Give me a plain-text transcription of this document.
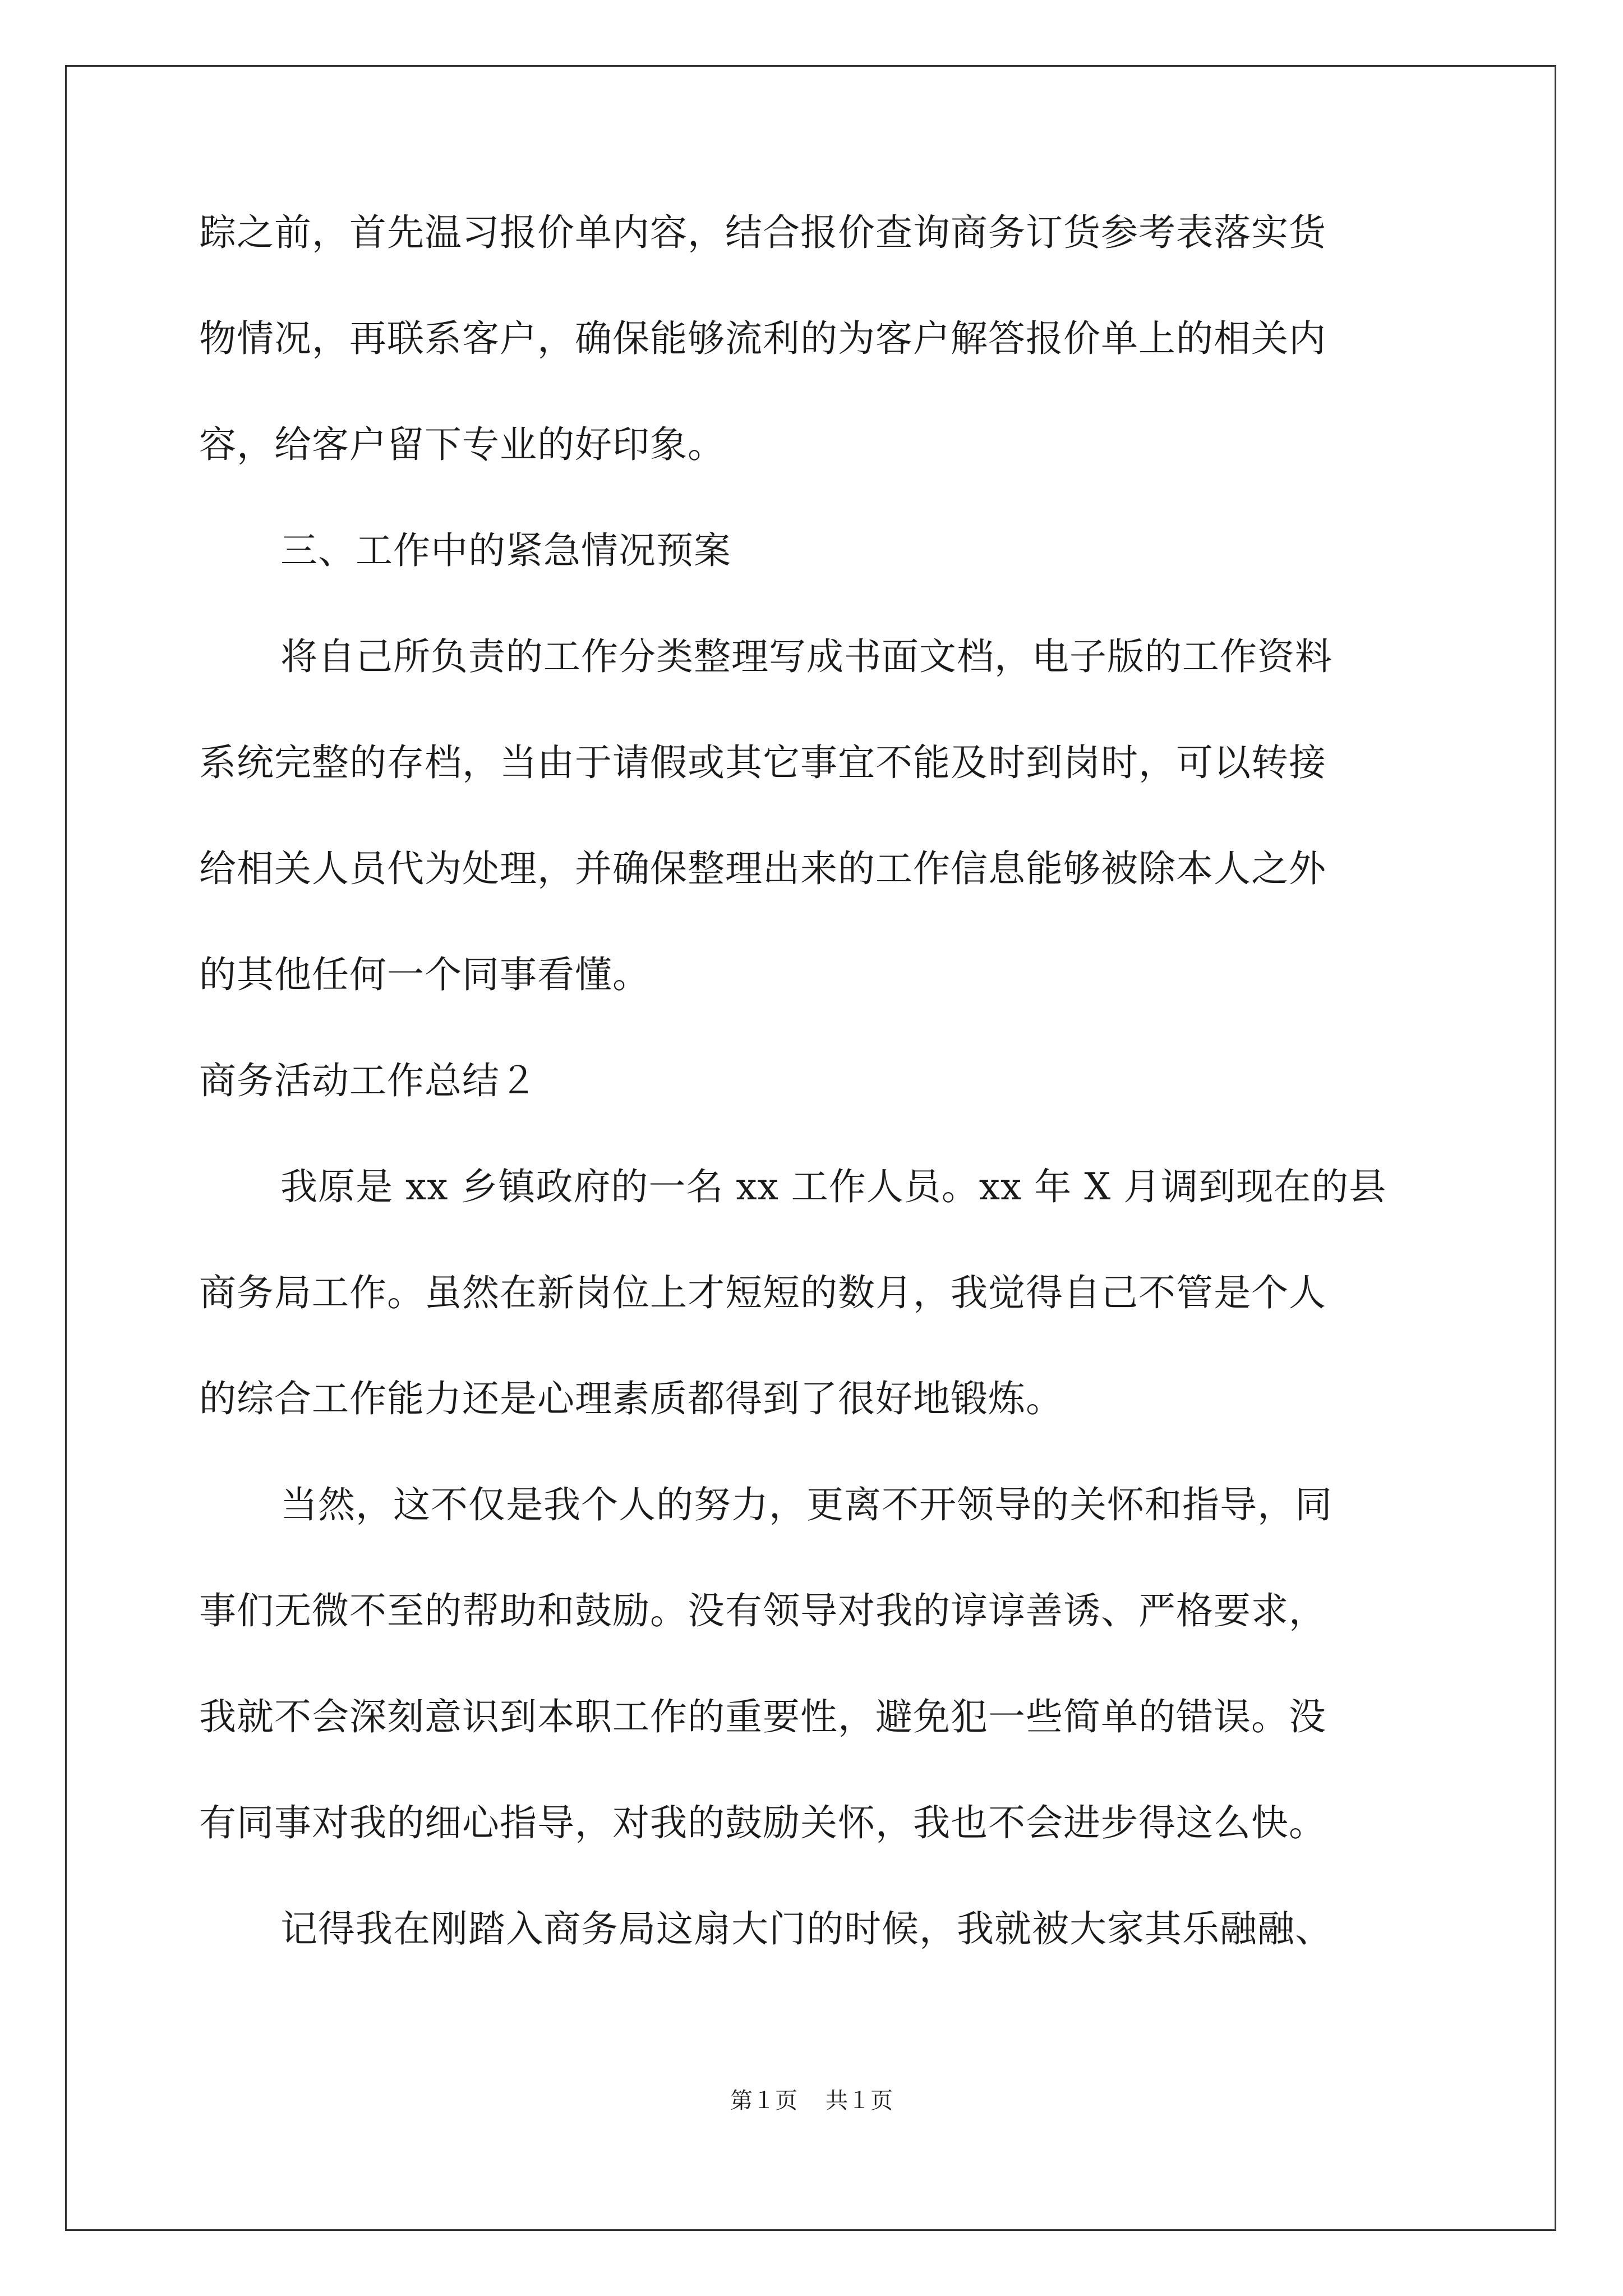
踪之前，首先温习报价单内容，结合报价查询商务订货参考表落实货
物情况，再联系客户，确保能够流利的为客户解答报价单上的相关内
容，给客户留下专业的好印象。
三、工作中的紧急情况预案
将自己所负责的工作分类整理写成书面文档，电子版的工作资料
系统完整的存档，当由于请假或其它事宜不能及时到岗时，可以转接
给相关人员代为处理，并确保整理出来的工作信息能够被除本人之外
的其他任何一个同事看懂。
商务活动工作总结２
我原是 xx 乡镇政府的一名 xx 工作人员。xx 年 X 月调到现在的县
商务局工作。虽然在新岗位上才短短的数月，我觉得自己不管是个人
的综合工作能力还是心理素质都得到了很好地锻炼。
当然，这不仅是我个人的努力，更离不开领导的关怀和指导，同
事们无微不至的帮助和鼓励。没有领导对我的谆谆善诱、严格要求，
我就不会深刻意识到本职工作的重要性，避免犯一些简单的错误。没
有同事对我的细心指导，对我的鼓励关怀，我也不会进步得这么快。
记得我在刚踏入商务局这扇大门的时候，我就被大家其乐融融、
第１页 共１页
